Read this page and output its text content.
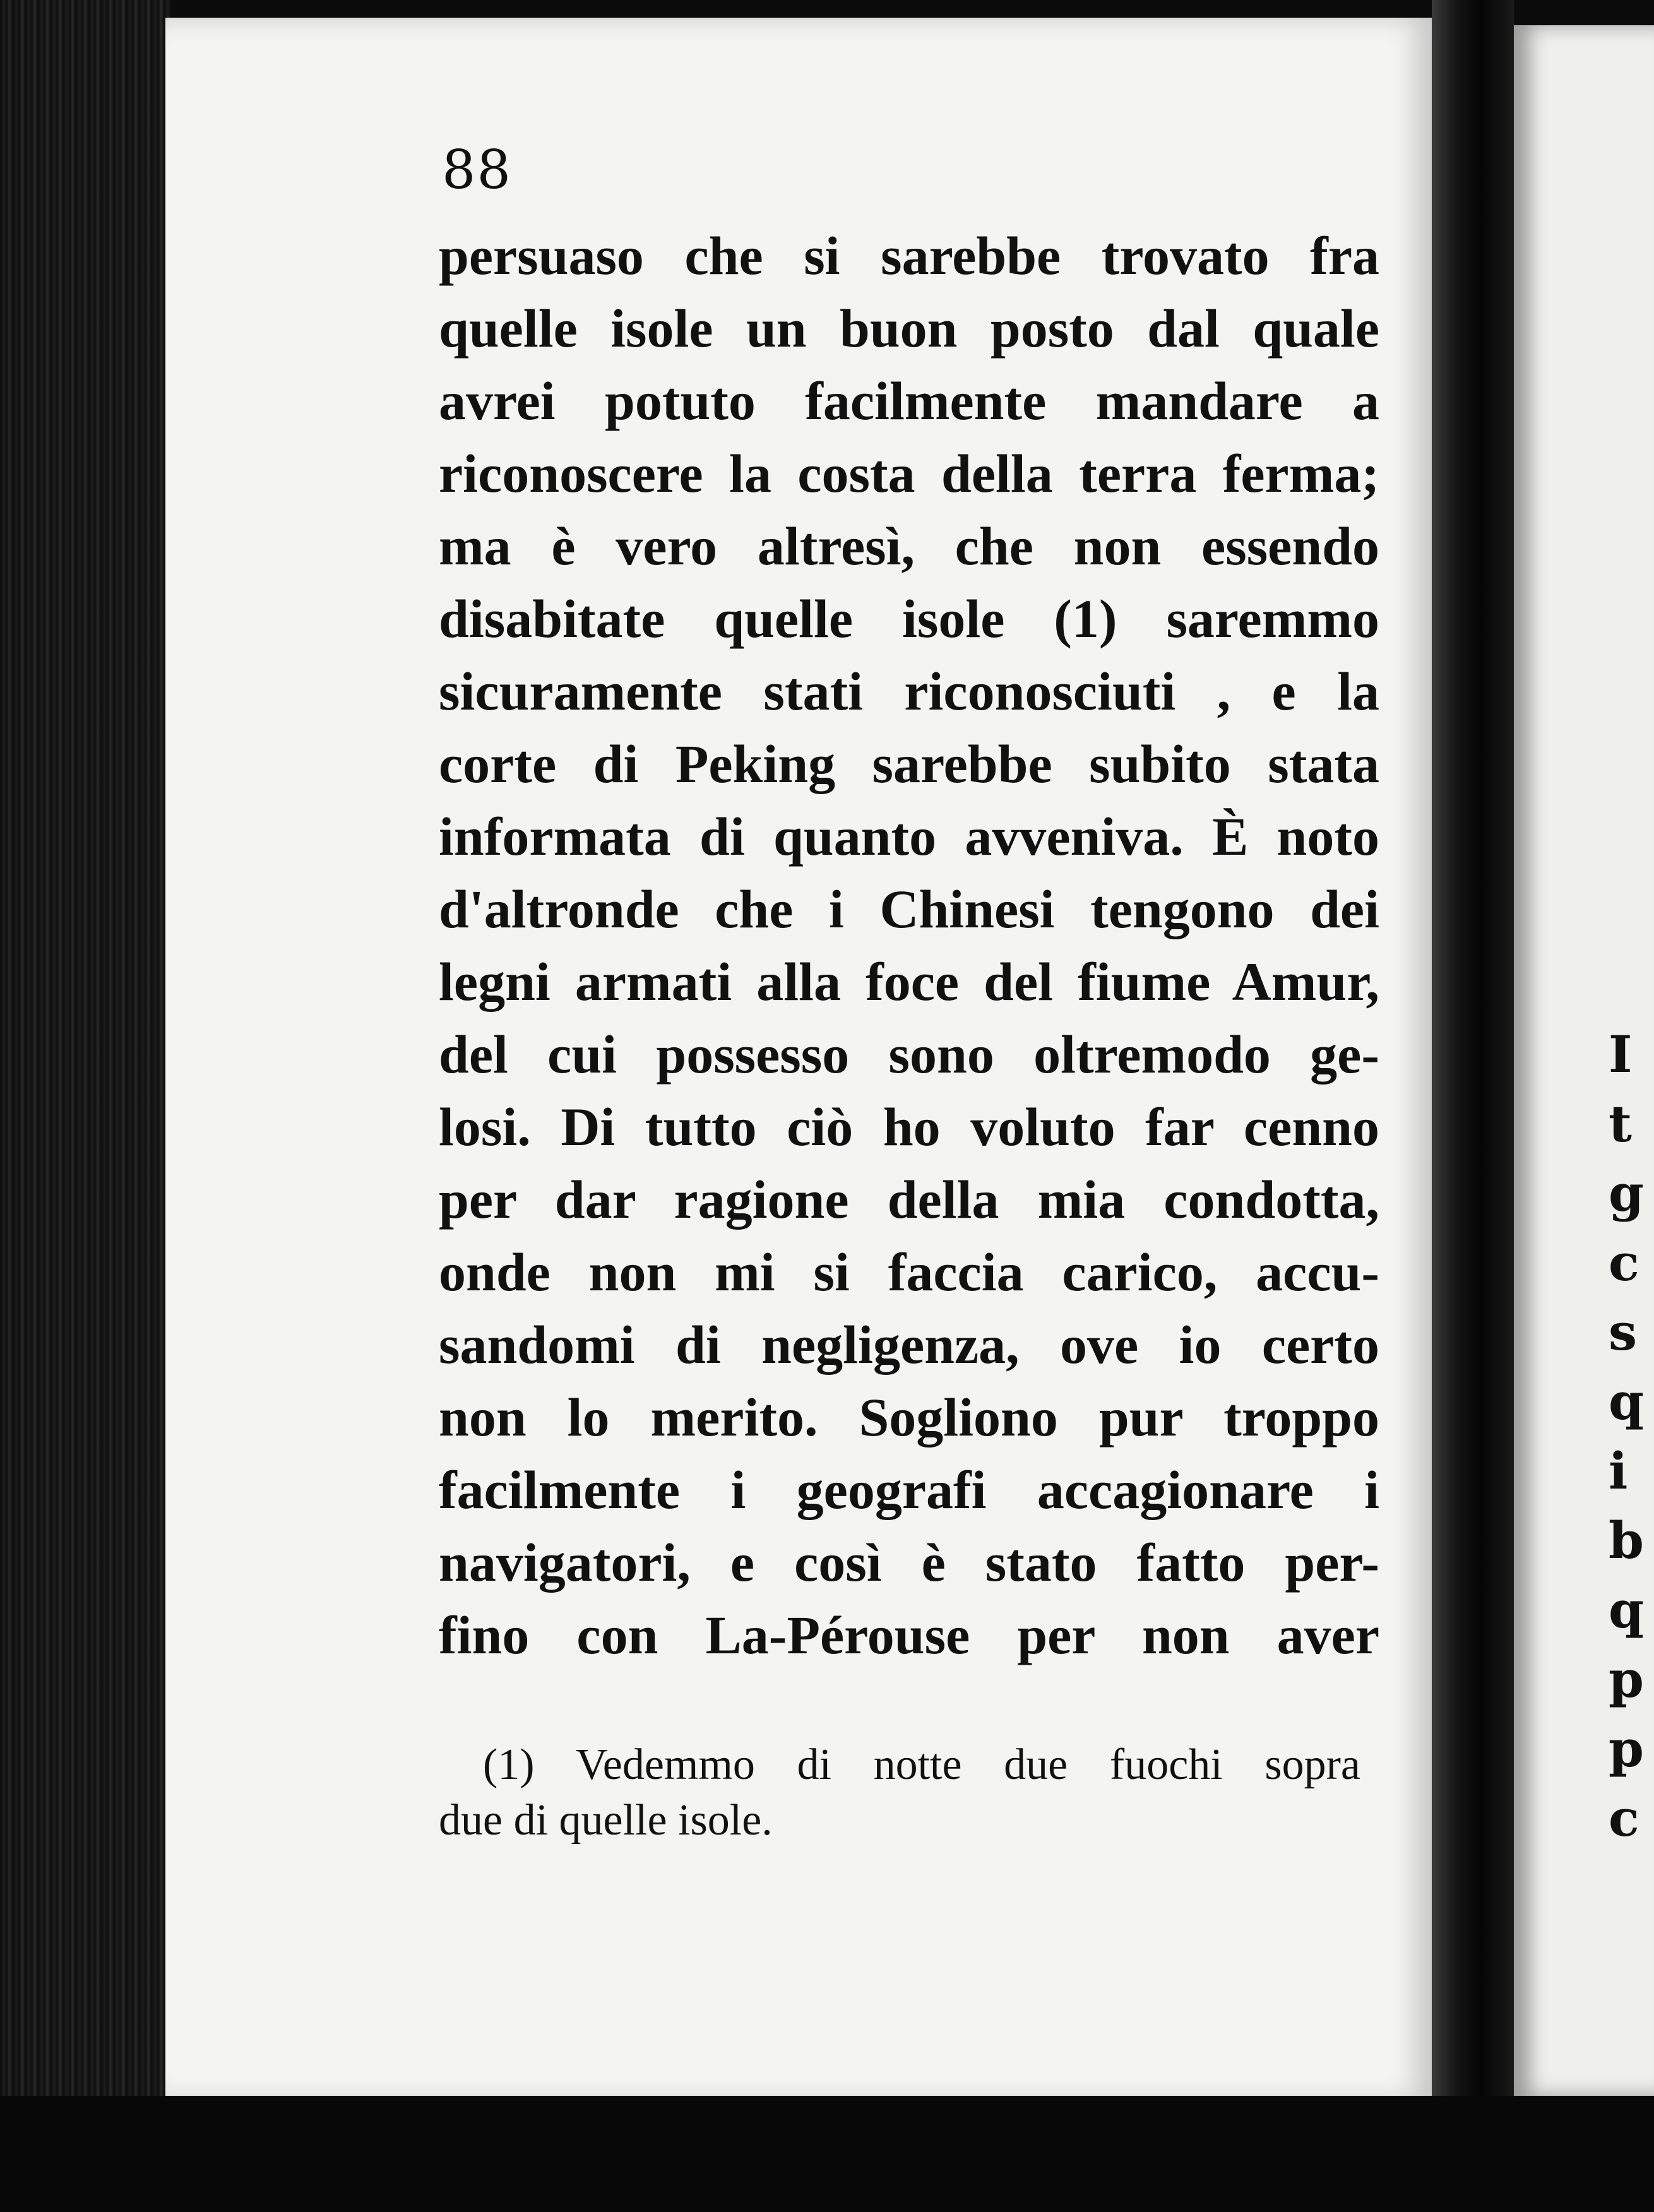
88
persuaso che si sarebbe trovato fra
quelle isole un buon posto dal quale
avrei potuto facilmente mandare a
riconoscere la costa della terra ferma;
ma è vero altresì, che non essendo
disabitate quelle isole (1) saremmo
sicuramente stati riconosciuti , e la
corte di Peking sarebbe subito stata
informata di quanto avveniva. È noto
d'altronde che i Chinesi tengono dei
legni armati alla foce del fiume Amur,
del cui possesso sono oltremodo ge-
losi. Di tutto ciò ho voluto far cenno
per dar ragione della mia condotta,
onde non mi si faccia carico, accu-
sandomi di negligenza, ove io certo
non lo merito. Sogliono pur troppo
facilmente i geografi accagionare i
navigatori, e così è stato fatto per-
fino con La-Pérouse per non aver
(1) Vedemmo di notte due fuochi sopra
due di quelle isole.
I
t
g
c
s
q
i
b
q
p
p
c
